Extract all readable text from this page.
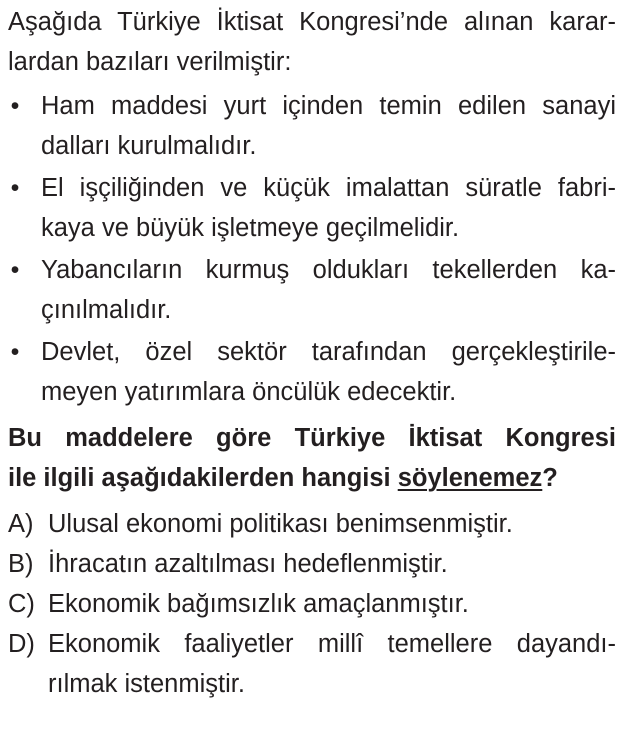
Aşağıda Türkiye İktisat Kongresi’nde alınan karar-
lardan bazıları verilmiştir:
• Ham maddesi yurt içinden temin edilen sanayi
dalları kurulmalıdır.
• El işçiliğinden ve küçük imalattan süratle fabri-
kaya ve büyük işletmeye geçilmelidir.
• Yabancıların kurmuş oldukları tekellerden ka-
çınılmalıdır.
• Devlet, özel sektör tarafından gerçekleştirile-
meyen yatırımlara öncülük edecektir.
Bu maddelere göre Türkiye İktisat Kongresi
ile ilgili aşağıdakilerden hangisi söylenemez?
A) Ulusal ekonomi politikası benimsenmiştir.
B) İhracatın azaltılması hedeflenmiştir.
C) Ekonomik bağımsızlık amaçlanmıştır.
D) Ekonomik faaliyetler millî temellere dayandı-
rılmak istenmiştir.
